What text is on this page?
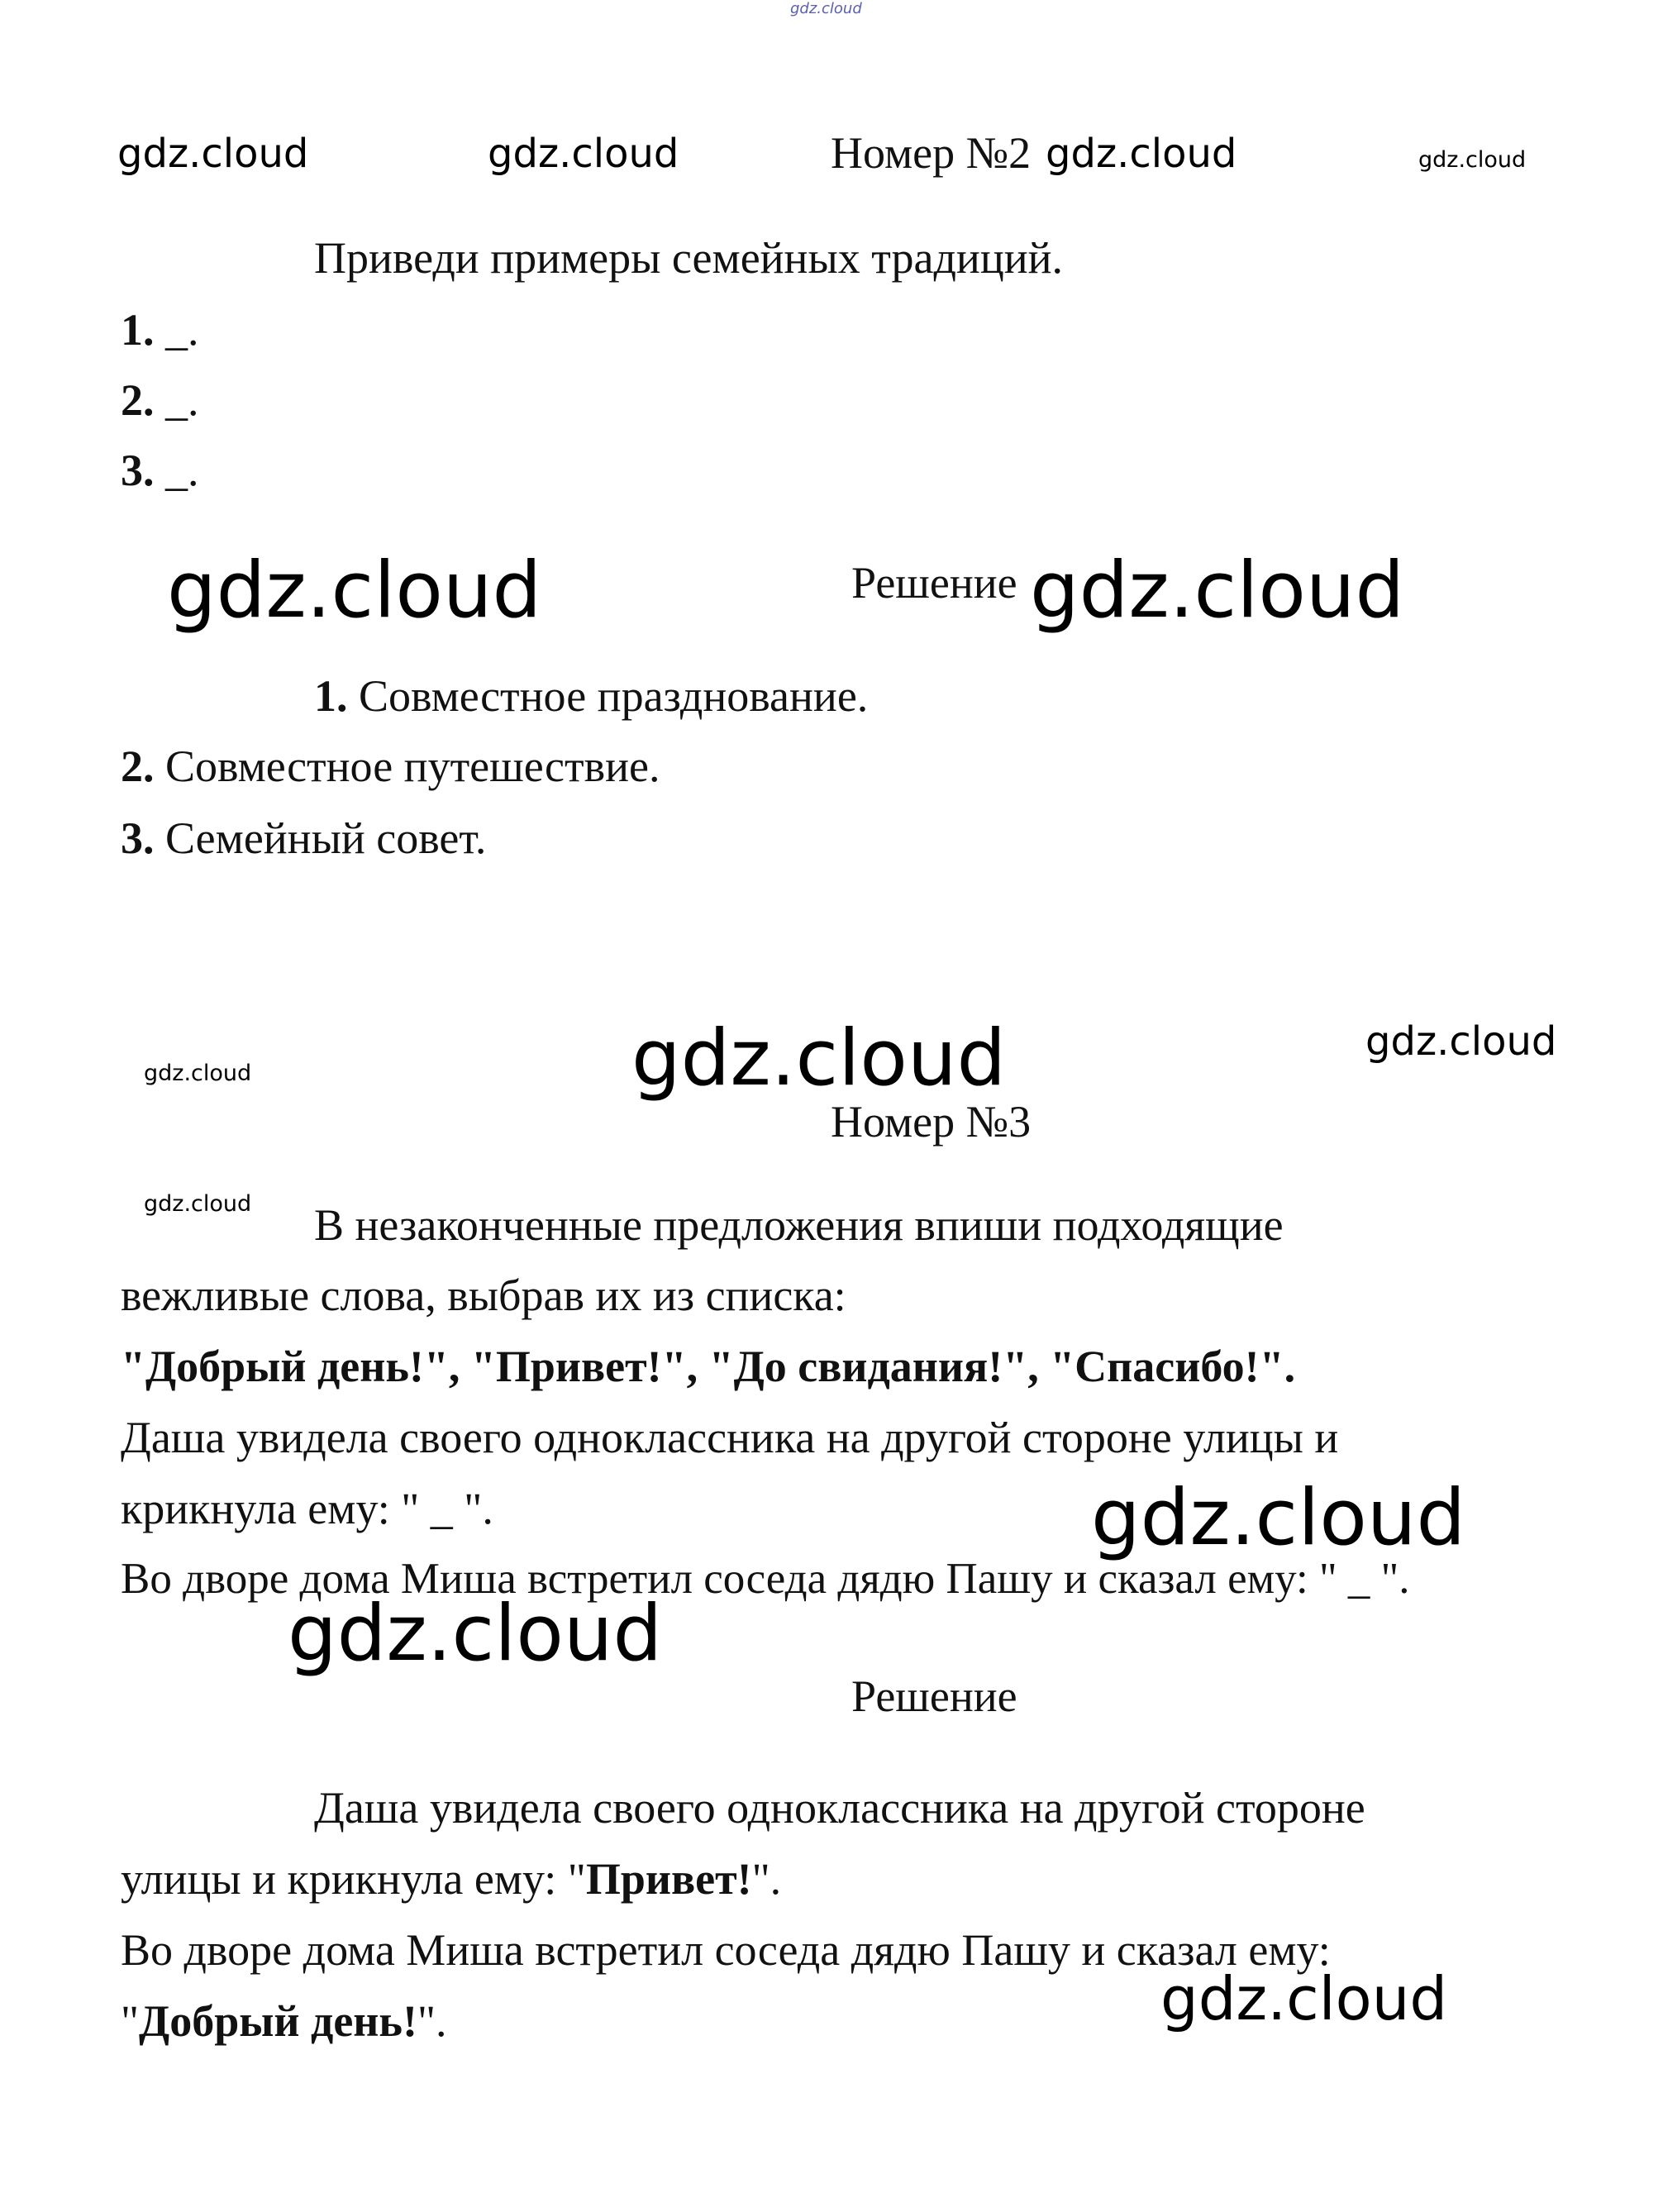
gdz.cloud
gdz.cloud	gdz.cloud	Номер №2 gdz.cloud	gdz.cloud
Приведи примеры семейных традиций.
1. _.
2. _.
3. _.
gdz.cloud	Решение gdz.cloud
1. Совместное празднование.
2. Совместное путешествие.
3. Семейный совет.
gdz.cloud	gdz.cloud	gdz.cloud
Номер №3
gdz.cloud В незаконченные предложения впиши подходящие
вежливые слова, выбрав их из списка:
"Добрый день!", "Привет!", "До свидания!", "Спасибо!".
Даша увидела своего одноклассника на другой стороне улицы и
крикнула ему: " _ ".	gdz.cloud
Во дворе дома Миша встретил соседа дядю Пашу и сказал ему: " _ ".
gdz.cloud
Решение
Даша увидела своего одноклассника на другой стороне
улицы и крикнула ему: "Привет!".
Во дворе дома Миша встретил соседа дядю Пашу и сказал ему:
gdz.cloud
"Добрый день!".
